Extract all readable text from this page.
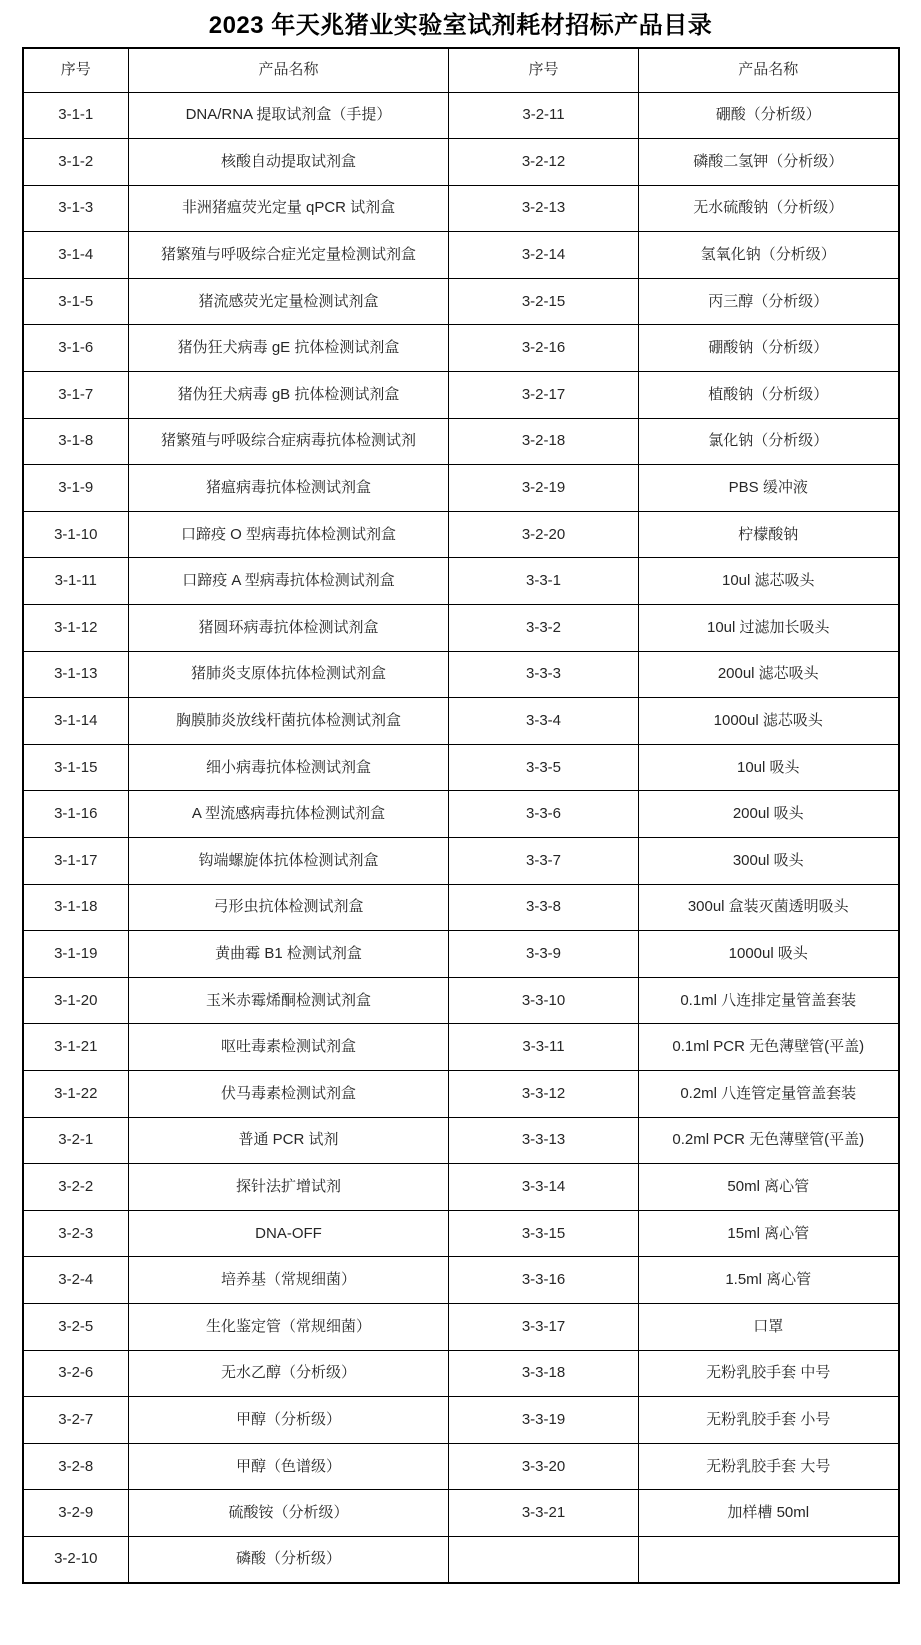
2023 年天兆猪业实验室试剂耗材招标产品目录
序号	产品名称	序号	产品名称
3-1-1	DNA/RNA 提取试剂盒（手提）	3-2-11	硼酸（分析级）
3-1-2	核酸自动提取试剂盒	3-2-12	磷酸二氢钾（分析级）
3-1-3	非洲猪瘟荧光定量 qPCR 试剂盒	3-2-13	无水硫酸钠（分析级）
3-1-4	猪繁殖与呼吸综合症光定量检测试剂盒	3-2-14	氢氧化钠（分析级）
3-1-5	猪流感荧光定量检测试剂盒	3-2-15	丙三醇（分析级）
3-1-6	猪伪狂犬病毒 gE 抗体检测试剂盒	3-2-16	硼酸钠（分析级）
3-1-7	猪伪狂犬病毒 gB 抗体检测试剂盒	3-2-17	植酸钠（分析级）
3-1-8	猪繁殖与呼吸综合症病毒抗体检测试剂	3-2-18	氯化钠（分析级）
3-1-9	猪瘟病毒抗体检测试剂盒	3-2-19	PBS 缓冲液
3-1-10	口蹄疫 O 型病毒抗体检测试剂盒	3-2-20	柠檬酸钠
3-1-11	口蹄疫 A 型病毒抗体检测试剂盒	3-3-1	10ul 滤芯吸头
3-1-12	猪圆环病毒抗体检测试剂盒	3-3-2	10ul 过滤加长吸头
3-1-13	猪肺炎支原体抗体检测试剂盒	3-3-3	200ul 滤芯吸头
3-1-14	胸膜肺炎放线杆菌抗体检测试剂盒	3-3-4	1000ul 滤芯吸头
3-1-15	细小病毒抗体检测试剂盒	3-3-5	10ul 吸头
3-1-16	A 型流感病毒抗体检测试剂盒	3-3-6	200ul 吸头
3-1-17	钩端螺旋体抗体检测试剂盒	3-3-7	300ul 吸头
3-1-18	弓形虫抗体检测试剂盒	3-3-8	300ul 盒装灭菌透明吸头
3-1-19	黄曲霉 B1 检测试剂盒	3-3-9	1000ul 吸头
3-1-20	玉米赤霉烯酮检测试剂盒	3-3-10	0.1ml 八连排定量管盖套装
3-1-21	呕吐毒素检测试剂盒	3-3-11	0.1ml PCR 无色薄壁管(平盖)
3-1-22	伏马毒素检测试剂盒	3-3-12	0.2ml 八连管定量管盖套装
3-2-1	普通 PCR 试剂	3-3-13	0.2ml PCR 无色薄壁管(平盖)
3-2-2	探针法扩增试剂	3-3-14	50ml 离心管
3-2-3	DNA-OFF	3-3-15	15ml 离心管
3-2-4	培养基（常规细菌）	3-3-16	1.5ml 离心管
3-2-5	生化鉴定管（常规细菌）	3-3-17	口罩
3-2-6	无水乙醇（分析级）	3-3-18	无粉乳胶手套 中号
3-2-7	甲醇（分析级）	3-3-19	无粉乳胶手套 小号
3-2-8	甲醇（色谱级）	3-3-20	无粉乳胶手套 大号
3-2-9	硫酸铵（分析级）	3-3-21	加样槽 50ml
3-2-10	磷酸（分析级）		
